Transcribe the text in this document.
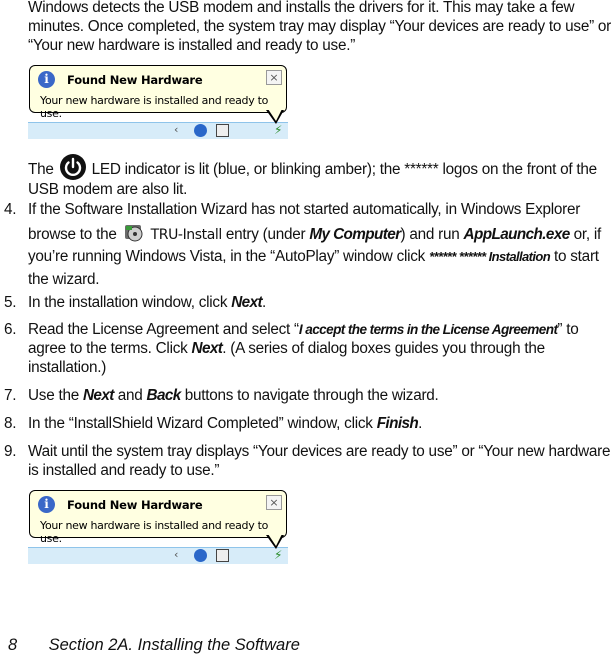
Windows detects the USB modem and installs the drivers for it. This may take a few minutes. Once completed, the system tray may display “Your devices are ready to use” or “Your new hardware is installed and ready to use.”
i	Found New Hardware
Your new hardware is installed and ready to use.
×
‹	⚡
The LED indicator is lit (blue, or blinking amber); the ****** logos on the front of the USB modem are also lit.
4. If the Software Installation Wizard has not started automatically, in Windows Explorer browse to the TRU-Install entry (under My Computer) and run AppLaunch.exe or, if you’re running Windows Vista, in the “AutoPlay” window click ****** ****** Installation to start the wizard.
5. In the installation window, click Next.
6. Read the License Agreement and select “I accept the terms in the License Agreement” to agree to the terms. Click Next. (A series of dialog boxes guides you through the installation.)
7. Use the Next and Back buttons to navigate through the wizard.
8. In the “InstallShield Wizard Completed” window, click Finish.
9. Wait until the system tray displays “Your devices are ready to use” or “Your new hardware is installed and ready to use.”
i	Found New Hardware
Your new hardware is installed and ready to use.
×
‹	⚡
8 Section 2A. Installing the Software
